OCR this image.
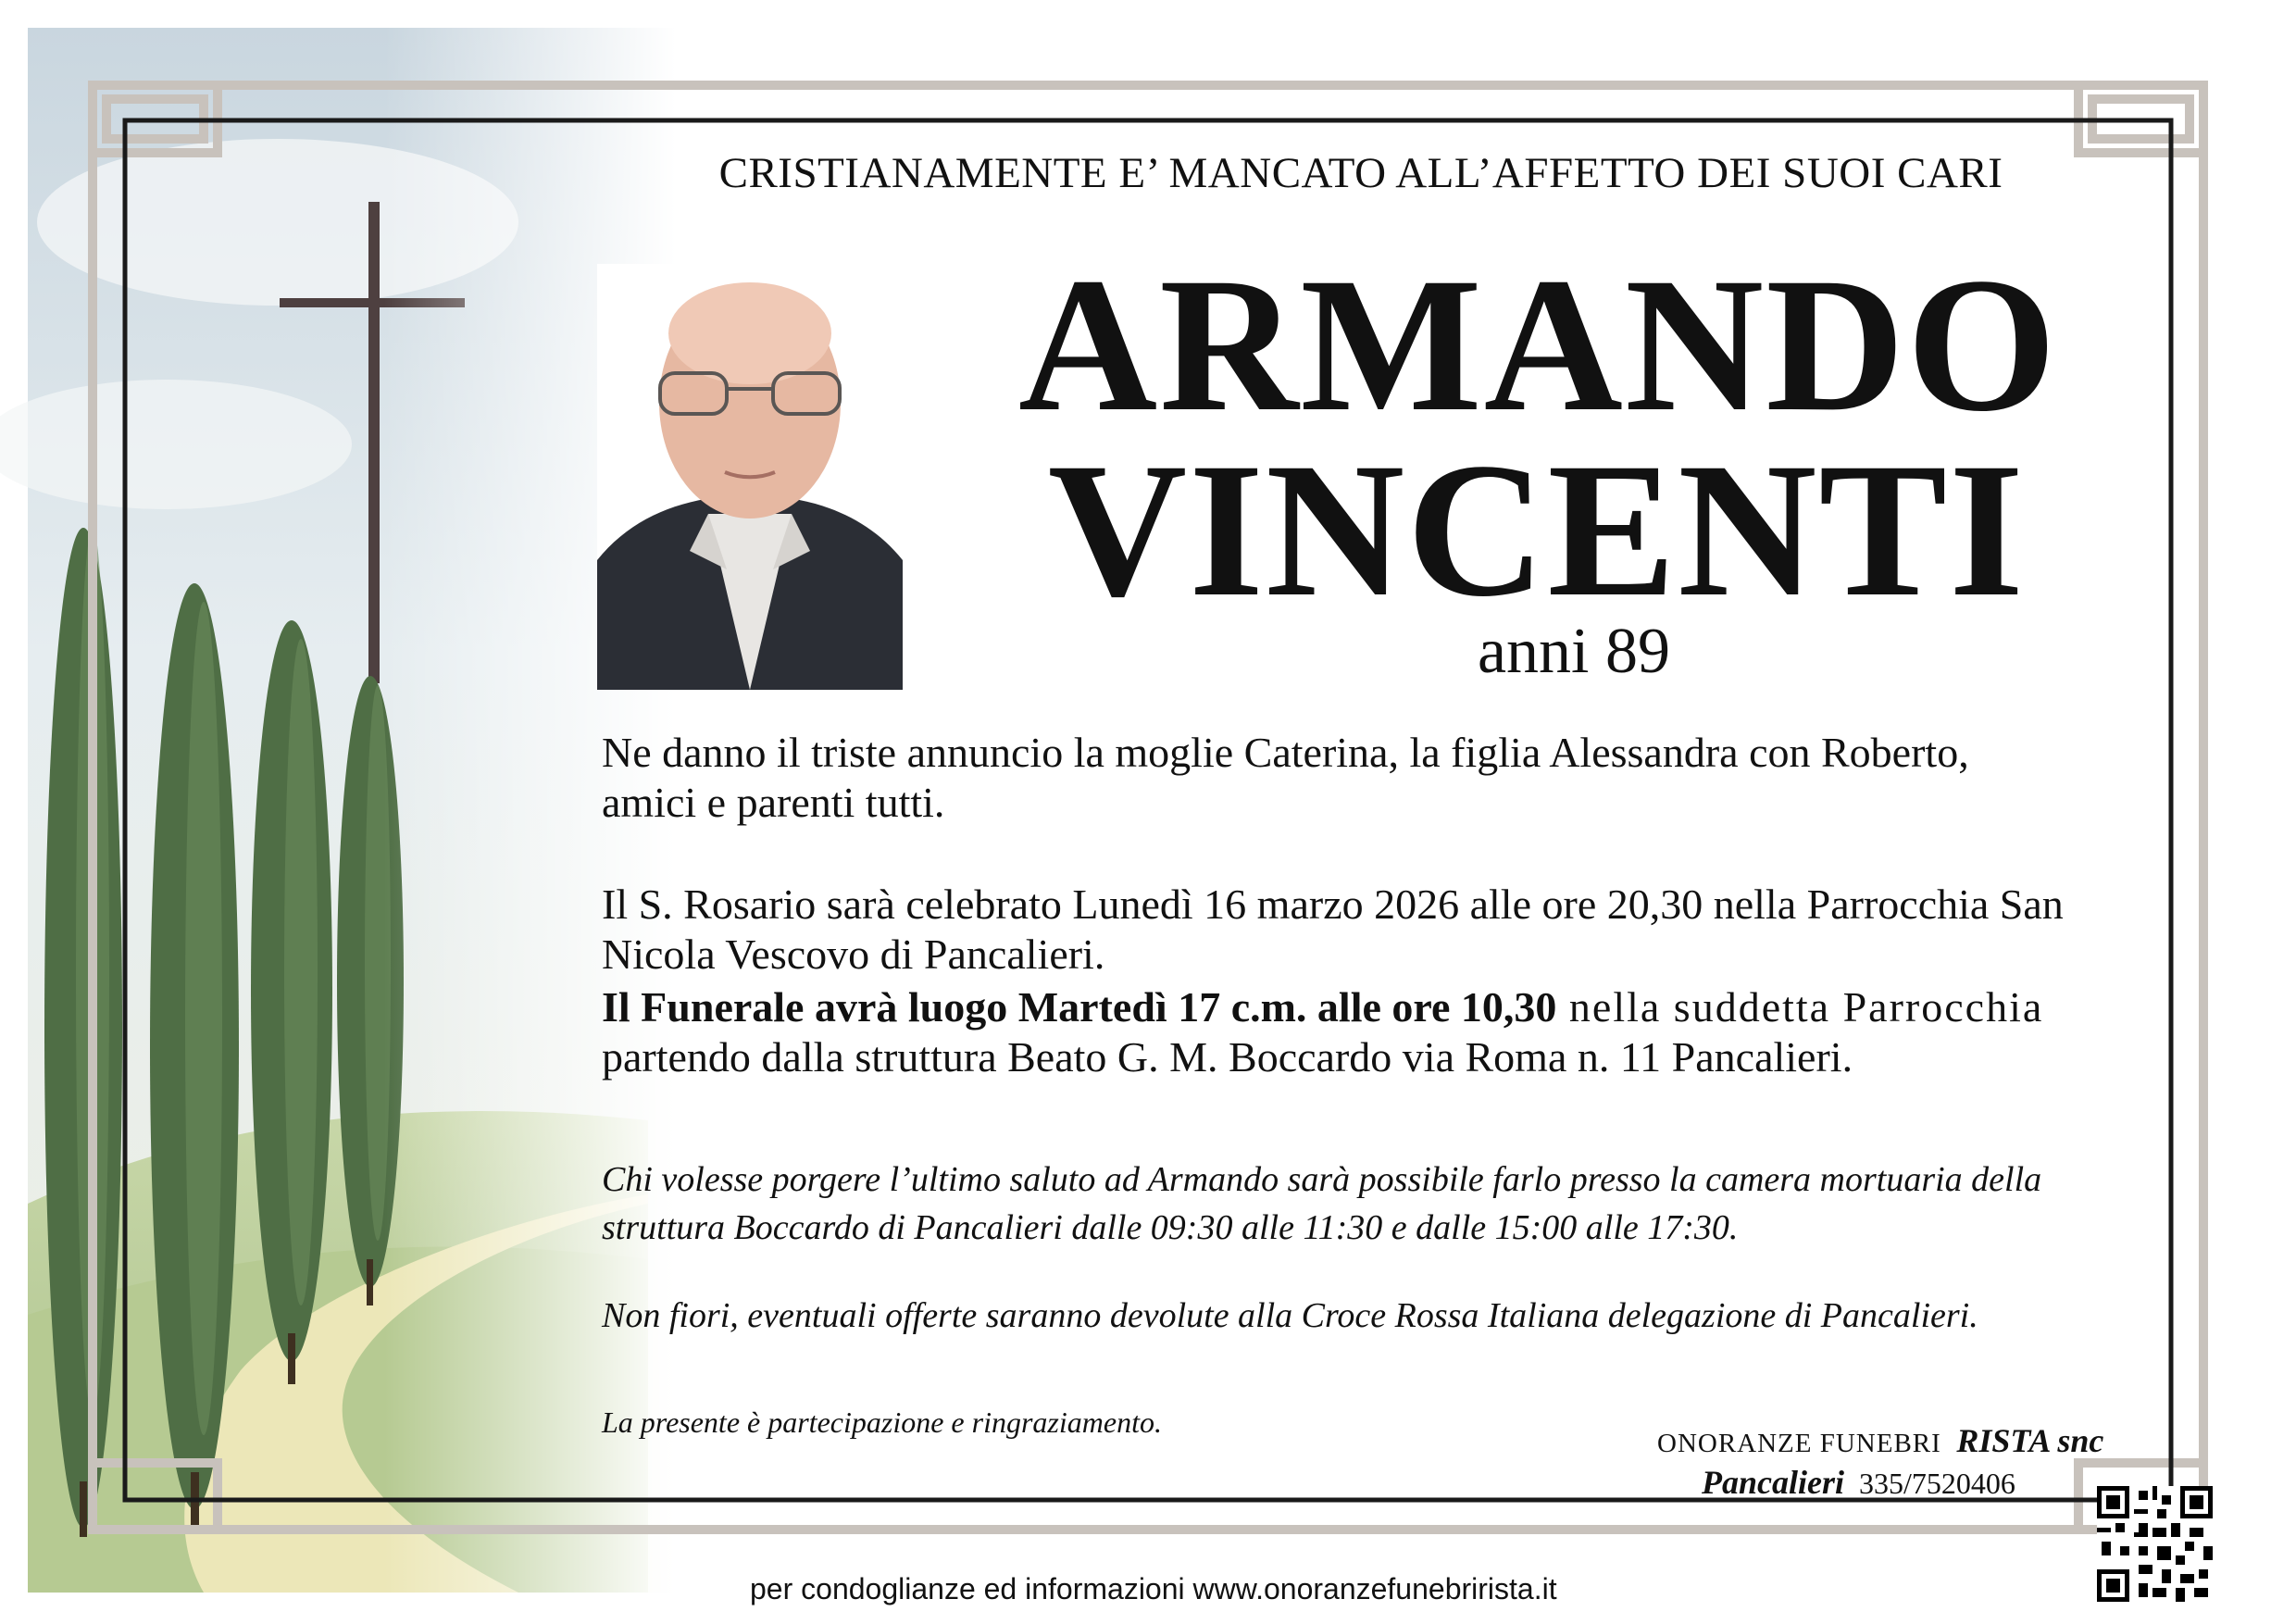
CRISTIANAMENTE E’ MANCATO ALL’AFFETTO DEI SUOI CARI
ARMANDO
VINCENTI
anni 89
Ne danno il triste annuncio la moglie Caterina, la figlia Alessandra con Roberto,
amici e parenti tutti.
Il S. Rosario sarà celebrato Lunedì 16 marzo 2026 alle ore 20,30 nella Parrocchia San
Nicola Vescovo di Pancalieri.
Il Funerale avrà luogo Martedì 17 c.m. alle ore 10,30 nella suddetta Parrocchia
partendo dalla struttura Beato G. M. Boccardo via Roma n. 11 Pancalieri.
Chi volesse porgere l’ultimo saluto ad Armando sarà possibile farlo presso la camera mortuaria della
struttura Boccardo di Pancalieri dalle 09:30 alle 11:30 e dalle 15:00 alle 17:30.
Non fiori, eventuali offerte saranno devolute alla Croce Rossa Italiana delegazione di Pancalieri.
La presente è partecipazione e ringraziamento.
ONORANZE FUNEBRI RISTA snc
Pancalieri 335/7520406
per condoglianze ed informazioni www.onoranzefunebrirista.it
